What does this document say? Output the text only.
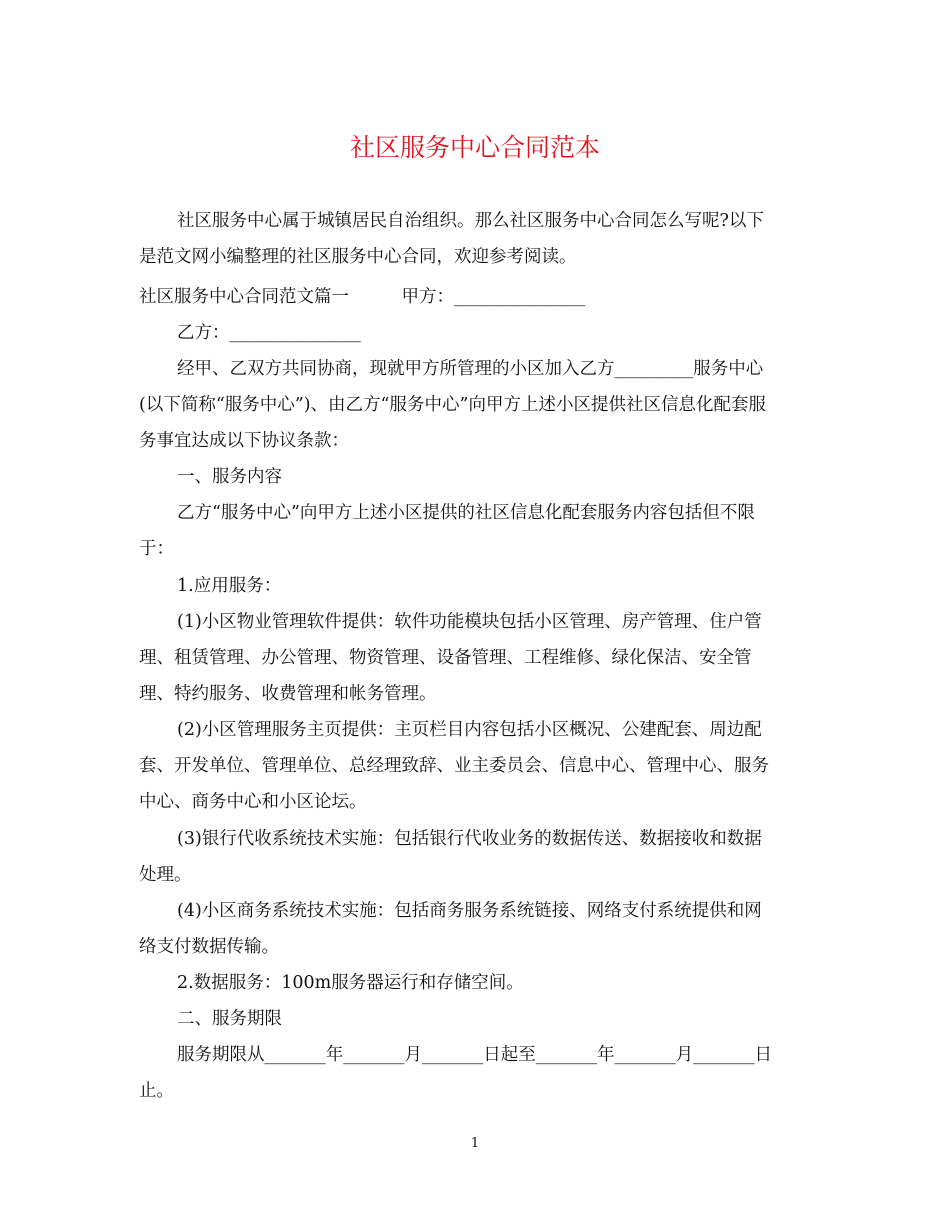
社区服务中心合同范本
社区服务中心属于城镇居民自治组织。那么社区服务中心合同怎么写呢?以下
是范文网小编整理的社区服务中心合同，欢迎参考阅读。
社区服务中心合同范文篇一　　　甲方：_______________
乙方：_______________
经甲、乙双方共同协商，现就甲方所管理的小区加入乙方_________服务中心
(以下简称“服务中心”)、由乙方“服务中心”向甲方上述小区提供社区信息化配套服
务事宜达成以下协议条款：
一、服务内容
乙方“服务中心”向甲方上述小区提供的社区信息化配套服务内容包括但不限
于：
1.应用服务：
(1)小区物业管理软件提供：软件功能模块包括小区管理、房产管理、住户管
理、租赁管理、办公管理、物资管理、设备管理、工程维修、绿化保洁、安全管
理、特约服务、收费管理和帐务管理。
(2)小区管理服务主页提供：主页栏目内容包括小区概况、公建配套、周边配
套、开发单位、管理单位、总经理致辞、业主委员会、信息中心、管理中心、服务
中心、商务中心和小区论坛。
(3)银行代收系统技术实施：包括银行代收业务的数据传送、数据接收和数据
处理。
(4)小区商务系统技术实施：包括商务服务系统链接、网络支付系统提供和网
络支付数据传输。
2.数据服务：100m服务器运行和存储空间。
二、服务期限
服务期限从_______年_______月_______日起至_______年_______月_______日
止。
1
